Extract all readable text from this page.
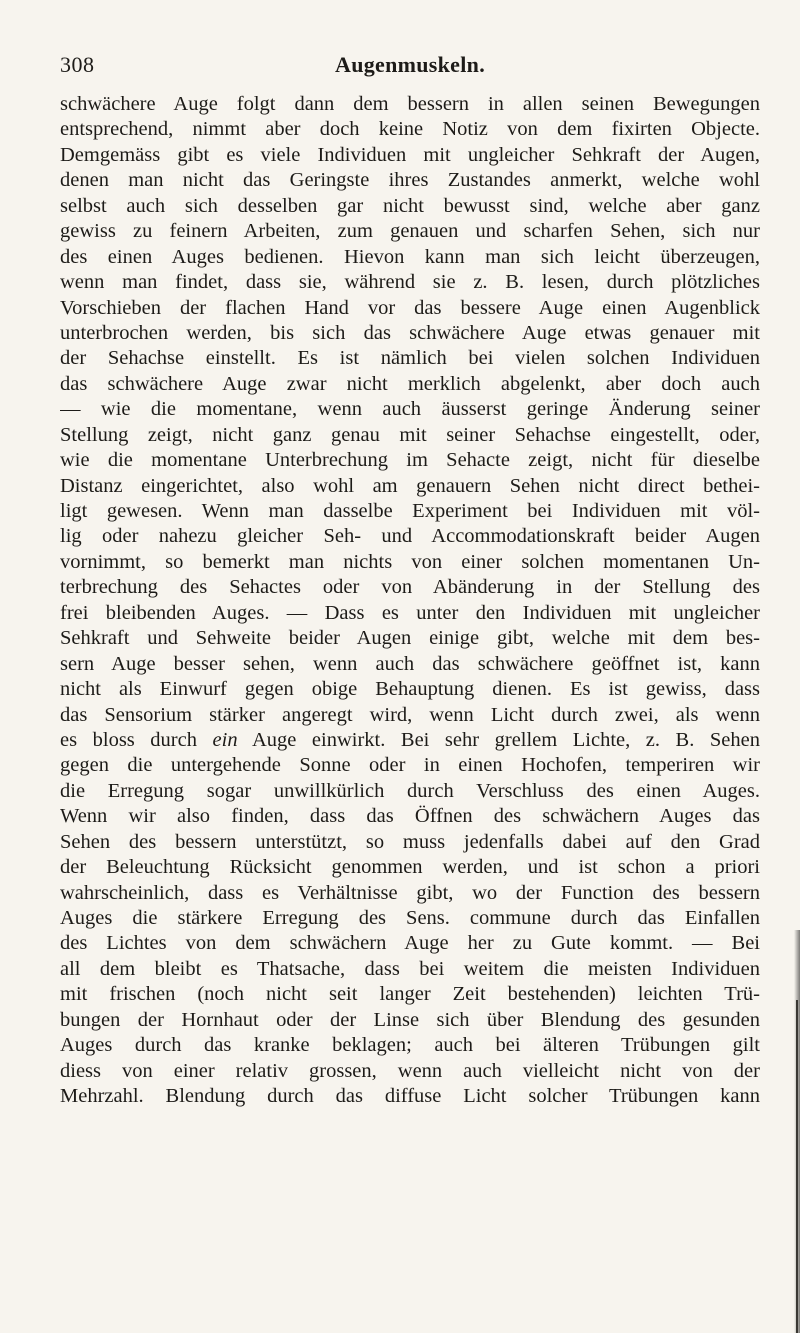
308	Augenmuskeln.
schwächere Auge folgt dann dem bessern in allen seinen Bewegungen
entsprechend, nimmt aber doch keine Notiz von dem fixirten Objecte.
Demgemäss gibt es viele Individuen mit ungleicher Sehkraft der Augen,
denen man nicht das Geringste ihres Zustandes anmerkt, welche wohl
selbst auch sich desselben gar nicht bewusst sind, welche aber ganz
gewiss zu feinern Arbeiten, zum genauen und scharfen Sehen, sich nur
des einen Auges bedienen. Hievon kann man sich leicht überzeugen,
wenn man findet, dass sie, während sie z. B. lesen, durch plötzliches
Vorschieben der flachen Hand vor das bessere Auge einen Augenblick
unterbrochen werden, bis sich das schwächere Auge etwas genauer mit
der Sehachse einstellt. Es ist nämlich bei vielen solchen Individuen
das schwächere Auge zwar nicht merklich abgelenkt, aber doch auch
— wie die momentane, wenn auch äusserst geringe Änderung seiner
Stellung zeigt, nicht ganz genau mit seiner Sehachse eingestellt, oder,
wie die momentane Unterbrechung im Sehacte zeigt, nicht für dieselbe
Distanz eingerichtet, also wohl am genauern Sehen nicht direct bethei-
ligt gewesen. Wenn man dasselbe Experiment bei Individuen mit völ-
lig oder nahezu gleicher Seh- und Accommodationskraft beider Augen
vornimmt, so bemerkt man nichts von einer solchen momentanen Un-
terbrechung des Sehactes oder von Abänderung in der Stellung des
frei bleibenden Auges. — Dass es unter den Individuen mit ungleicher
Sehkraft und Sehweite beider Augen einige gibt, welche mit dem bes-
sern Auge besser sehen, wenn auch das schwächere geöffnet ist, kann
nicht als Einwurf gegen obige Behauptung dienen. Es ist gewiss, dass
das Sensorium stärker angeregt wird, wenn Licht durch zwei, als wenn
es bloss durch ein Auge einwirkt. Bei sehr grellem Lichte, z. B. Sehen
gegen die untergehende Sonne oder in einen Hochofen, temperiren wir
die Erregung sogar unwillkürlich durch Verschluss des einen Auges.
Wenn wir also finden, dass das Öffnen des schwächern Auges das
Sehen des bessern unterstützt, so muss jedenfalls dabei auf den Grad
der Beleuchtung Rücksicht genommen werden, und ist schon a priori
wahrscheinlich, dass es Verhältnisse gibt, wo der Function des bessern
Auges die stärkere Erregung des Sens. commune durch das Einfallen
des Lichtes von dem schwächern Auge her zu Gute kommt. — Bei
all dem bleibt es Thatsache, dass bei weitem die meisten Individuen
mit frischen (noch nicht seit langer Zeit bestehenden) leichten Trü-
bungen der Hornhaut oder der Linse sich über Blendung des gesunden
Auges durch das kranke beklagen; auch bei älteren Trübungen gilt
diess von einer relativ grossen, wenn auch vielleicht nicht von der
Mehrzahl. Blendung durch das diffuse Licht solcher Trübungen kann
